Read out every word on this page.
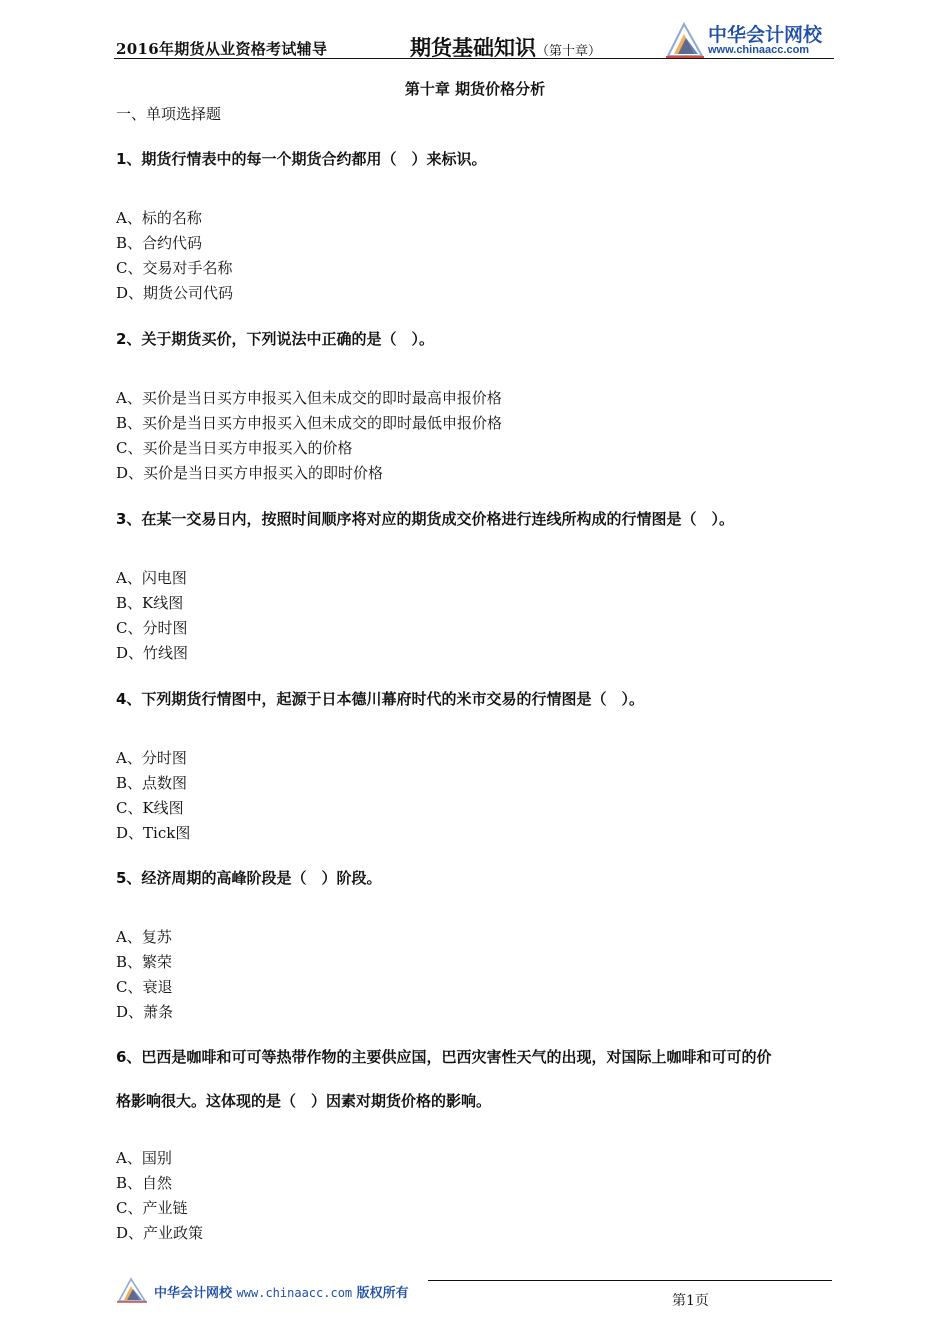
2016年期货从业资格考试辅导	期货基础知识（第十章）
中华会计网校
www.chinaacc.com
第十章 期货价格分析
一、单项选择题
1、期货行情表中的每一个期货合约都用（　）来标识。
A、标的名称
B、合约代码
C、交易对手名称
D、期货公司代码
2、关于期货买价，下列说法中正确的是（　）。
A、买价是当日买方申报买入但未成交的即时最高申报价格
B、买价是当日买方申报买入但未成交的即时最低申报价格
C、买价是当日买方申报买入的价格
D、买价是当日买方申报买入的即时价格
3、在某一交易日内，按照时间顺序将对应的期货成交价格进行连线所构成的行情图是（　）。
A、闪电图
B、K线图
C、分时图
D、竹线图
4、下列期货行情图中，起源于日本德川幕府时代的米市交易的行情图是（　）。
A、分时图
B、点数图
C、K线图
D、Tick图
5、经济周期的高峰阶段是（　）阶段。
A、复苏
B、繁荣
C、衰退
D、萧条
6、巴西是咖啡和可可等热带作物的主要供应国，巴西灾害性天气的出现，对国际上咖啡和可可的价
格影响很大。这体现的是（　）因素对期货价格的影响。
A、国别
B、自然
C、产业链
D、产业政策
中华会计网校 www.chinaacc.com 版权所有	第1页
